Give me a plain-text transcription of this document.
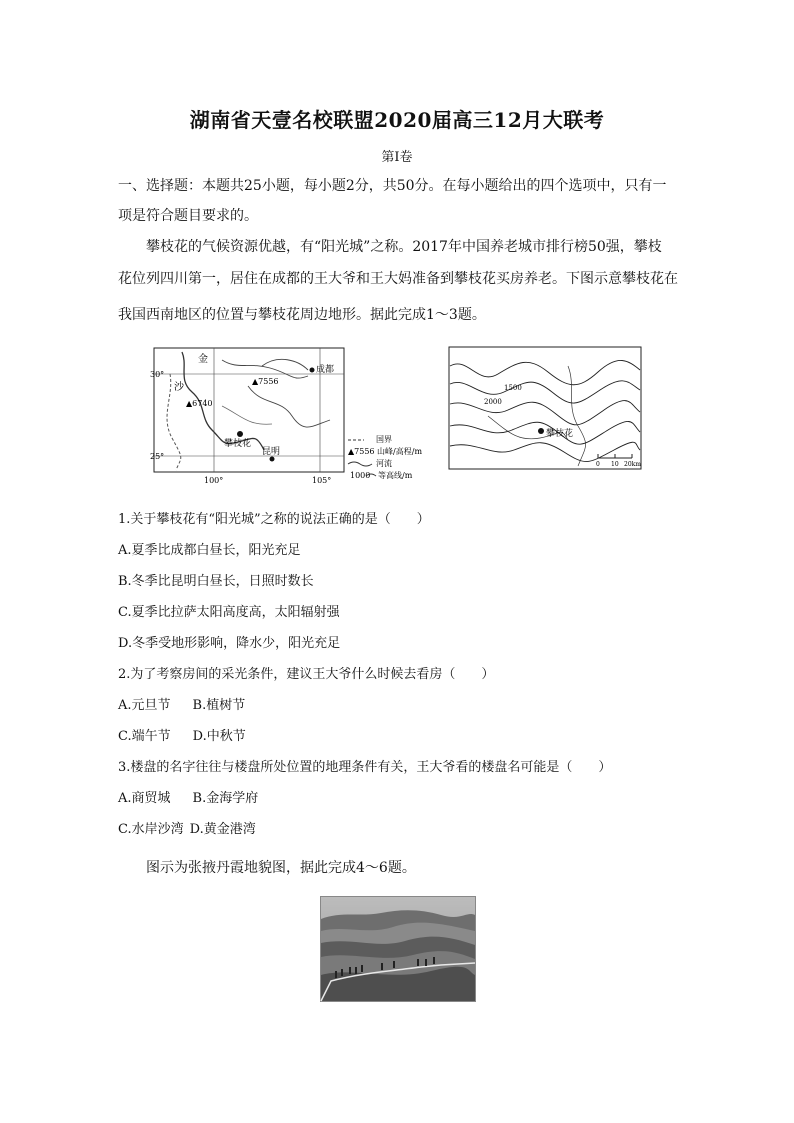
湖南省天壹名校联盟2020届高三12月大联考
第I卷
一、选择题：本题共25小题，每小题2分，共50分。在每小题给出的四个选项中，只有一
项是符合题目要求的。
攀枝花的气候资源优越，有“阳光城”之称。2017年中国养老城市排行榜50强，攀枝
花位列四川第一，居住在成都的王大爷和王大妈准备到攀枝花买房养老。下图示意攀枝花在
我国西南地区的位置与攀枝花周边地形。据此完成1～3题。
30°
25°
100°	105°
金
沙
▲6740
▲7556
成都
攀枝花
昆明
国界
▲7556 山峰/高程/m
河流
1000 等高线/m
2000
1500
攀枝花
0 10 20km
1.关于攀枝花有“阳光城”之称的说法正确的是（　　）
A.夏季比成都白昼长，阳光充足
B.冬季比昆明白昼长，日照时数长
C.夏季比拉萨太阳高度高，太阳辐射强
D.冬季受地形影响，降水少，阳光充足
2.为了考察房间的采光条件，建议王大爷什么时候去看房（　　）
A.元旦节 B.植树节
C.端午节 D.中秋节
3.楼盘的名字往往与楼盘所处位置的地理条件有关，王大爷看的楼盘名可能是（　　）
A.商贸城 B.金海学府
C.水岸沙湾 D.黄金港湾
图示为张掖丹霞地貌图，据此完成4～6题。
